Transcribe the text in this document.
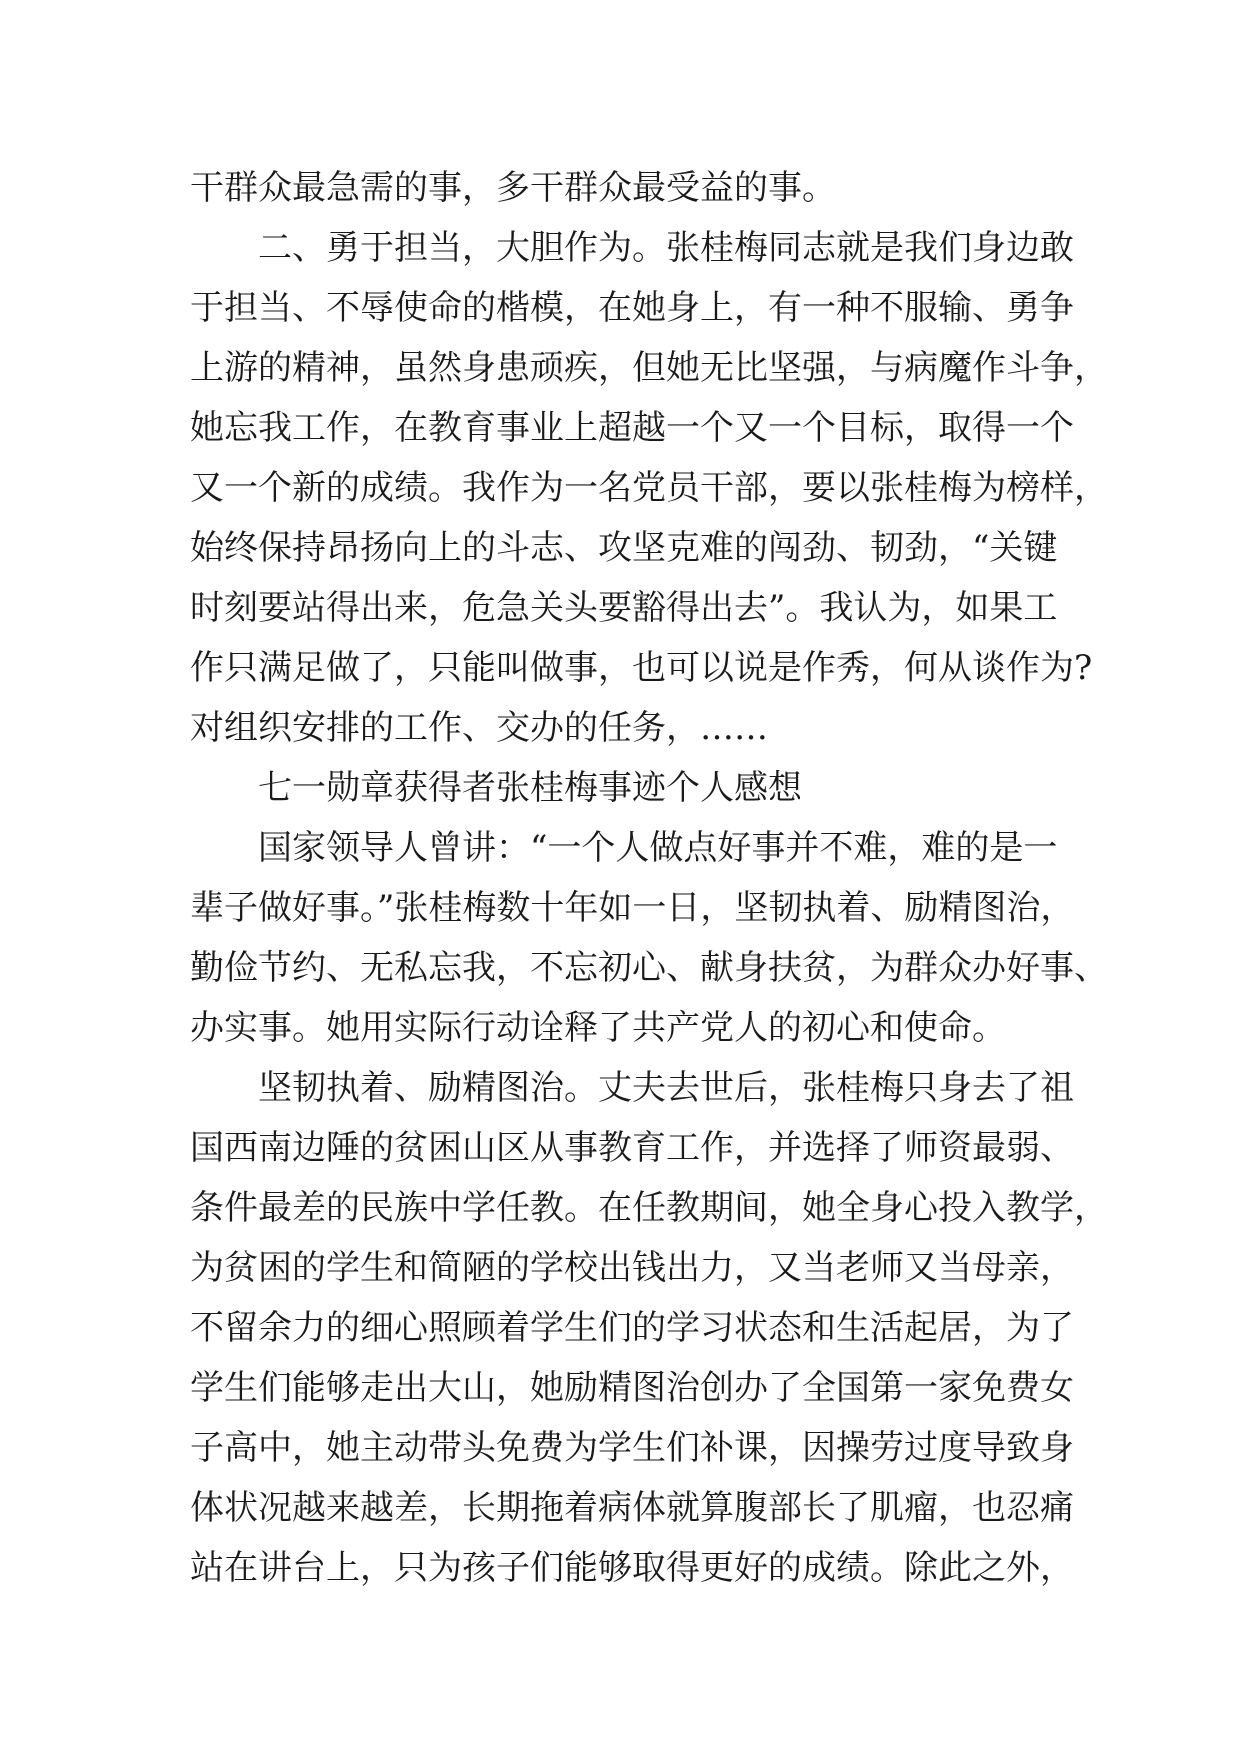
干群众最急需的事，多干群众最受益的事。
二、勇于担当，大胆作为。张桂梅同志就是我们身边敢
于担当、不辱使命的楷模，在她身上，有一种不服输、勇争
上游的精神，虽然身患顽疾，但她无比坚强，与病魔作斗争，
她忘我工作，在教育事业上超越一个又一个目标，取得一个
又一个新的成绩。我作为一名党员干部，要以张桂梅为榜样，
始终保持昂扬向上的斗志、攻坚克难的闯劲、韧劲，“关键
时刻要站得出来，危急关头要豁得出去”。我认为，如果工
作只满足做了，只能叫做事，也可以说是作秀，何从谈作为?
对组织安排的工作、交办的任务，……
七一勋章获得者张桂梅事迹个人感想
国家领导人曾讲：“一个人做点好事并不难，难的是一
辈子做好事。”张桂梅数十年如一日，坚韧执着、励精图治，
勤俭节约、无私忘我，不忘初心、献身扶贫，为群众办好事、
办实事。她用实际行动诠释了共产党人的初心和使命。
坚韧执着、励精图治。丈夫去世后，张桂梅只身去了祖
国西南边陲的贫困山区从事教育工作，并选择了师资最弱、
条件最差的民族中学任教。在任教期间，她全身心投入教学，
为贫困的学生和简陋的学校出钱出力，又当老师又当母亲，
不留余力的细心照顾着学生们的学习状态和生活起居，为了
学生们能够走出大山，她励精图治创办了全国第一家免费女
子高中，她主动带头免费为学生们补课，因操劳过度导致身
体状况越来越差，长期拖着病体就算腹部长了肌瘤，也忍痛
站在讲台上，只为孩子们能够取得更好的成绩。除此之外，
